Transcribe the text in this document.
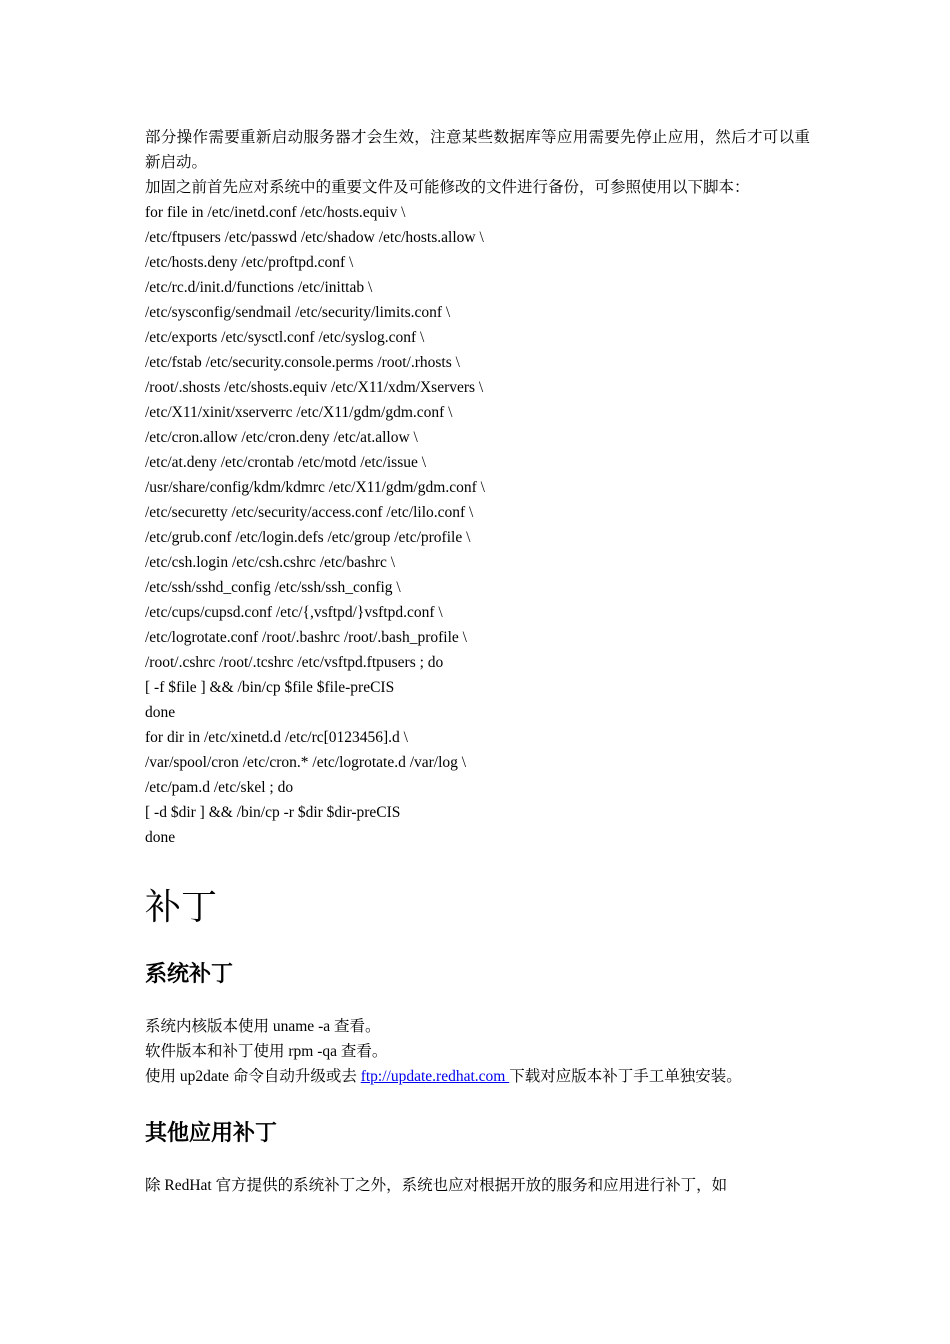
部分操作需要重新启动服务器才会生效，注意某些数据库等应用需要先停止应用，然后才可以重新启动。

加固之前首先应对系统中的重要文件及可能修改的文件进行备份，可参照使用以下脚本：

for file in /etc/inetd.conf /etc/hosts.equiv \

/etc/ftpusers /etc/passwd /etc/shadow /etc/hosts.allow \

/etc/hosts.deny /etc/proftpd.conf \

/etc/rc.d/init.d/functions /etc/inittab \

/etc/sysconfig/sendmail /etc/security/limits.conf \

/etc/exports /etc/sysctl.conf /etc/syslog.conf \

/etc/fstab /etc/security.console.perms /root/.rhosts \

/root/.shosts /etc/shosts.equiv /etc/X11/xdm/Xservers \

/etc/X11/xinit/xserverrc /etc/X11/gdm/gdm.conf \

/etc/cron.allow /etc/cron.deny /etc/at.allow \

/etc/at.deny /etc/crontab /etc/motd /etc/issue \

/usr/share/config/kdm/kdmrc /etc/X11/gdm/gdm.conf \

/etc/securetty /etc/security/access.conf /etc/lilo.conf \

/etc/grub.conf /etc/login.defs /etc/group /etc/profile \

/etc/csh.login /etc/csh.cshrc /etc/bashrc \

/etc/ssh/sshd_config /etc/ssh/ssh_config \

/etc/cups/cupsd.conf /etc/{,vsftpd/}vsftpd.conf \

/etc/logrotate.conf /root/.bashrc /root/.bash_profile \

/root/.cshrc /root/.tcshrc /etc/vsftpd.ftpusers ; do

[ -f $file ] && /bin/cp $file $file-preCIS

done

for dir in /etc/xinetd.d /etc/rc[0123456].d \

/var/spool/cron /etc/cron.* /etc/logrotate.d /var/log \

/etc/pam.d /etc/skel ; do

[ -d $dir ] && /bin/cp -r $dir $dir-preCIS

done

补丁
系统补丁

系统内核版本使用 uname -a 查看。

软件版本和补丁使用 rpm -qa 查看。

使用 up2date 命令自动升级或去 ftp://update.redhat.com 下载对应版本补丁手工单独安装。

其他应用补丁

除 RedHat 官方提供的系统补丁之外，系统也应对根据开放的服务和应用进行补丁，如
